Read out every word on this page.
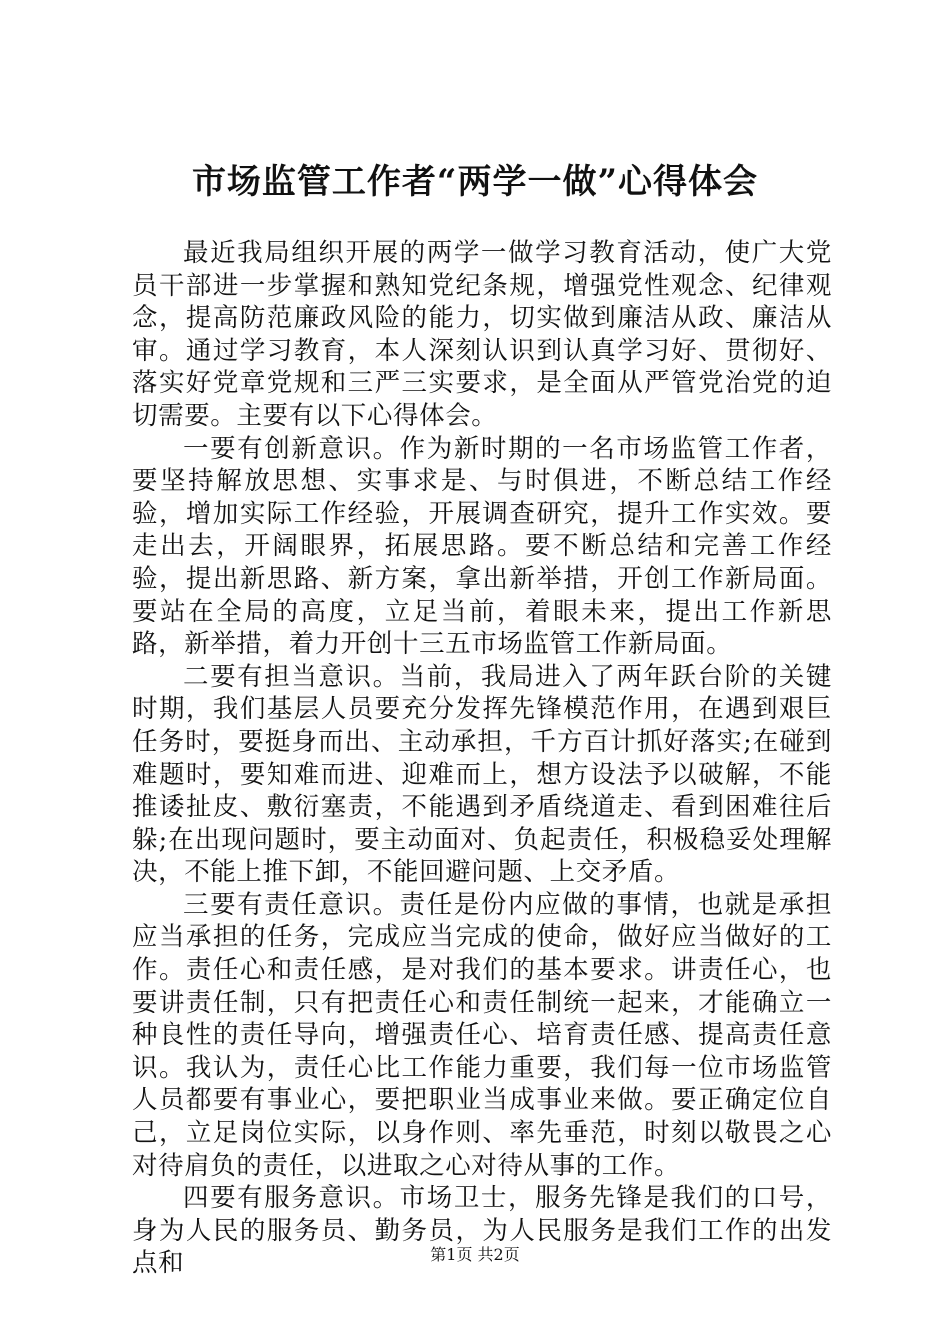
市场监管工作者“两学一做”心得体会

最近我局组织开展的两学一做学习教育活动，使广大党员干部进一步掌握和熟知党纪条规，增强党性观念、纪律观念，提高防范廉政风险的能力，切实做到廉洁从政、廉洁从审。通过学习教育，本人深刻认识到认真学习好、贯彻好、落实好党章党规和三严三实要求，是全面从严管党治党的迫切需要。主要有以下心得体会。

一要有创新意识。作为新时期的一名市场监管工作者，要坚持解放思想、实事求是、与时俱进，不断总结工作经验，增加实际工作经验，开展调查研究，提升工作实效。要走出去，开阔眼界，拓展思路。要不断总结和完善工作经验，提出新思路、新方案，拿出新举措，开创工作新局面。要站在全局的高度，立足当前，着眼未来，提出工作新思路，新举措，着力开创十三五市场监管工作新局面。

二要有担当意识。当前，我局进入了两年跃台阶的关键时期，我们基层人员要充分发挥先锋模范作用，在遇到艰巨任务时，要挺身而出、主动承担，千方百计抓好落实;在碰到难题时，要知难而进、迎难而上，想方设法予以破解，不能推诿扯皮、敷衍塞责，不能遇到矛盾绕道走、看到困难往后躲;在出现问题时，要主动面对、负起责任，积极稳妥处理解决，不能上推下卸，不能回避问题、上交矛盾。

三要有责任意识。责任是份内应做的事情，也就是承担应当承担的任务，完成应当完成的使命，做好应当做好的工作。责任心和责任感，是对我们的基本要求。讲责任心，也要讲责任制，只有把责任心和责任制统一起来，才能确立一种良性的责任导向，增强责任心、培育责任感、提高责任意识。我认为，责任心比工作能力重要，我们每一位市场监管人员都要有事业心，要把职业当成事业来做。要正确定位自己，立足岗位实际，以身作则、率先垂范，时刻以敬畏之心对待肩负的责任，以进取之心对待从事的工作。

四要有服务意识。市场卫士，服务先锋是我们的口号，身为人民的服务员、勤务员，为人民服务是我们工作的出发点和	第1页 共2页
